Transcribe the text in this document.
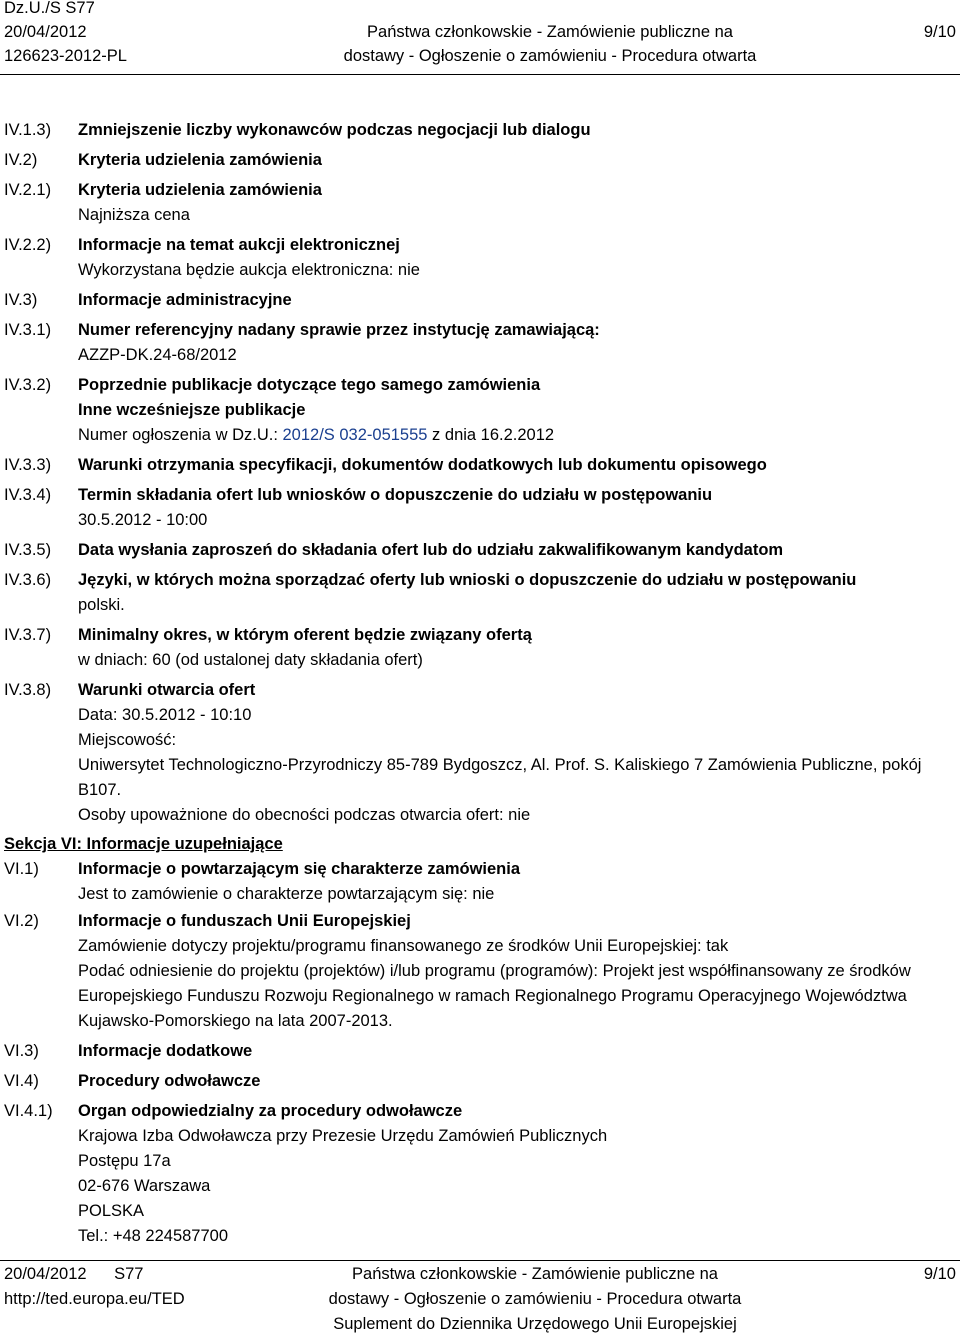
Dz.U./S S77
20/04/2012
126623-2012-PL
Państwa członkowskie - Zamówienie publiczne na
dostawy - Ogłoszenie o zamówieniu - Procedura otwarta
9/10
IV.1.3)	Zmniejszenie liczby wykonawców podczas negocjacji lub dialogu
IV.2)	Kryteria udzielenia zamówienia
IV.2.1)	Kryteria udzielenia zamówienia
Najniższa cena
IV.2.2)	Informacje na temat aukcji elektronicznej
Wykorzystana będzie aukcja elektroniczna: nie
IV.3)	Informacje administracyjne
IV.3.1)	Numer referencyjny nadany sprawie przez instytucję zamawiającą:
AZZP-DK.24-68/2012
IV.3.2)	Poprzednie publikacje dotyczące tego samego zamówienia
Inne wcześniejsze publikacje
Numer ogłoszenia w Dz.U.: 2012/S 032-051555 z dnia 16.2.2012
IV.3.3)	Warunki otrzymania specyfikacji, dokumentów dodatkowych lub dokumentu opisowego
IV.3.4)	Termin składania ofert lub wniosków o dopuszczenie do udziału w postępowaniu
30.5.2012 - 10:00
IV.3.5)	Data wysłania zaproszeń do składania ofert lub do udziału zakwalifikowanym kandydatom
IV.3.6)	Języki, w których można sporządzać oferty lub wnioski o dopuszczenie do udziału w postępowaniu
polski.
IV.3.7)	Minimalny okres, w którym oferent będzie związany ofertą
w dniach: 60 (od ustalonej daty składania ofert)
IV.3.8)	Warunki otwarcia ofert
Data: 30.5.2012 - 10:10
Miejscowość:
Uniwersytet Technologiczno-Przyrodniczy 85-789 Bydgoszcz, Al. Prof. S. Kaliskiego 7 Zamówienia Publiczne, pokój B107.
Osoby upoważnione do obecności podczas otwarcia ofert: nie
Sekcja VI: Informacje uzupełniające
VI.1)	Informacje o powtarzającym się charakterze zamówienia
Jest to zamówienie o charakterze powtarzającym się: nie
VI.2)	Informacje o funduszach Unii Europejskiej
Zamówienie dotyczy projektu/programu finansowanego ze środków Unii Europejskiej: tak
Podać odniesienie do projektu (projektów) i/lub programu (programów): Projekt jest współfinansowany ze środków Europejskiego Funduszu Rozwoju Regionalnego w ramach Regionalnego Programu Operacyjnego Województwa Kujawsko-Pomorskiego na lata 2007-2013.
VI.3)	Informacje dodatkowe
VI.4)	Procedury odwoławcze
VI.4.1)	Organ odpowiedzialny za procedury odwoławcze
Krajowa Izba Odwoławcza przy Prezesie Urzędu Zamówień Publicznych
Postępu 17a
02-676 Warszawa
POLSKA
Tel.: +48 224587700
20/04/2012 S77
http://ted.europa.eu/TED
Państwa członkowskie - Zamówienie publiczne na
dostawy - Ogłoszenie o zamówieniu - Procedura otwarta
Suplement do Dziennika Urzędowego Unii Europejskiej
9/10
